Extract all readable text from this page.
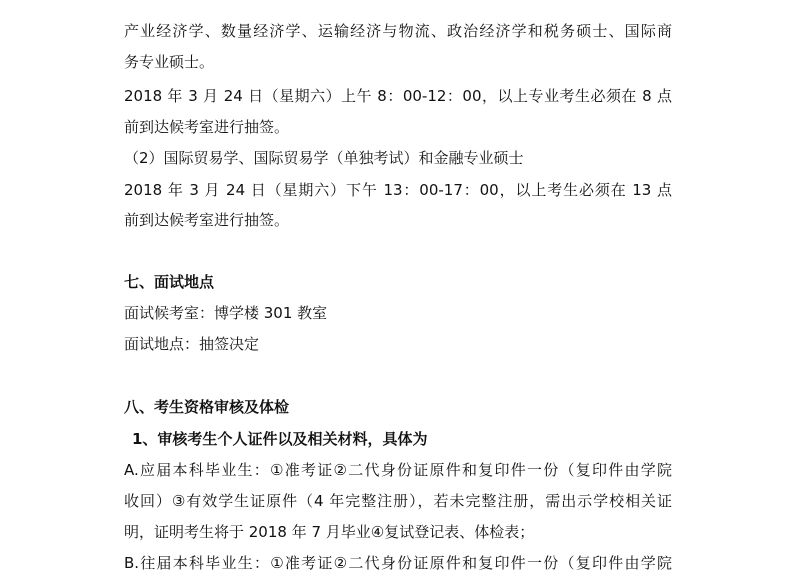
产业经济学、数量经济学、运输经济与物流、政治经济学和税务硕士、国际商
务专业硕士。
2018 年 3 月 24 日（星期六）上午 8：00-12：00，以上专业考生必须在 8 点
前到达候考室进行抽签。
（2）国际贸易学、国际贸易学（单独考试）和金融专业硕士
2018 年 3 月 24 日（星期六）下午 13：00-17：00，以上考生必须在 13 点
前到达候考室进行抽签。
七、面试地点
面试候考室：博学楼 301 教室
面试地点：抽签决定
八、考生资格审核及体检
1、审核考生个人证件以及相关材料，具体为
A.应届本科毕业生：①准考证②二代身份证原件和复印件一份（复印件由学院
收回）③有效学生证原件（4 年完整注册），若未完整注册，需出示学校相关证
明，证明考生将于 2018 年 7 月毕业④复试登记表、体检表；
B.往届本科毕业生：①准考证②二代身份证原件和复印件一份（复印件由学院
